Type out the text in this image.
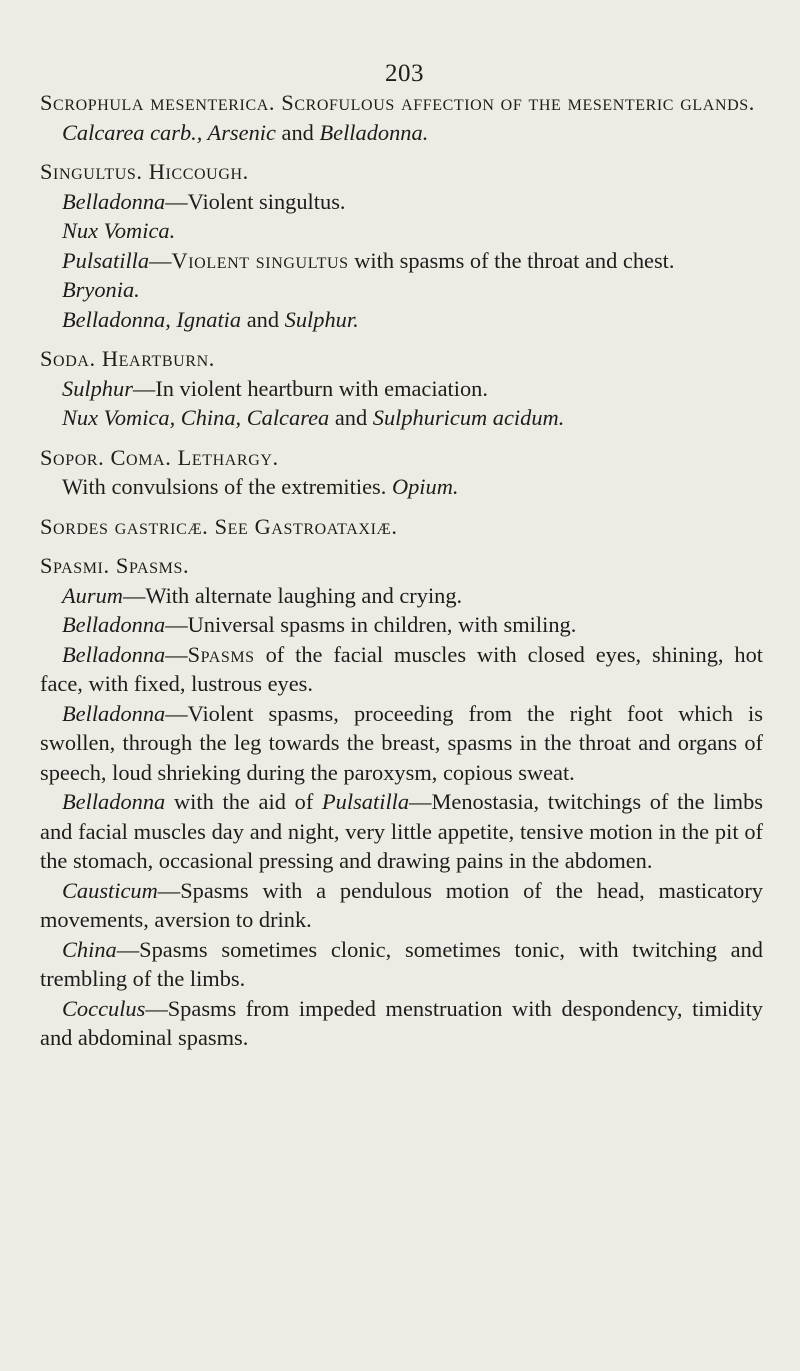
203

Scrophula mesenterica. Scrofulous affection of the mesenteric glands.

Calcarea carb., Arsenic and Belladonna.

Singultus. Hiccough.

Belladonna—Violent singultus.

Nux Vomica.

Pulsatilla—Violent singultus with spasms of the throat and chest.

Bryonia.

Belladonna, Ignatia and Sulphur.

Soda. Heartburn.

Sulphur—In violent heartburn with emaciation.

Nux Vomica, China, Calcarea and Sulphuricum acidum.

Sopor. Coma. Lethargy.

With convulsions of the extremities. Opium.

Sordes gastricæ. See Gastroataxiæ.

Spasmi. Spasms.

Aurum—With alternate laughing and crying.

Belladonna—Universal spasms in children, with smiling.

Belladonna—Spasms of the facial muscles with closed eyes, shining, hot face, with fixed, lustrous eyes.

Belladonna—Violent spasms, proceeding from the right foot which is swollen, through the leg towards the breast, spasms in the throat and organs of speech, loud shrieking during the paroxysm, copious sweat.

Belladonna with the aid of Pulsatilla—Menostasia, twitchings of the limbs and facial muscles day and night, very little appetite, tensive motion in the pit of the stomach, occasional pressing and drawing pains in the abdomen.

Causticum—Spasms with a pendulous motion of the head, masticatory movements, aversion to drink.

China—Spasms sometimes clonic, sometimes tonic, with twitching and trembling of the limbs.

Cocculus—Spasms from impeded menstruation with despondency, timidity and abdominal spasms.
